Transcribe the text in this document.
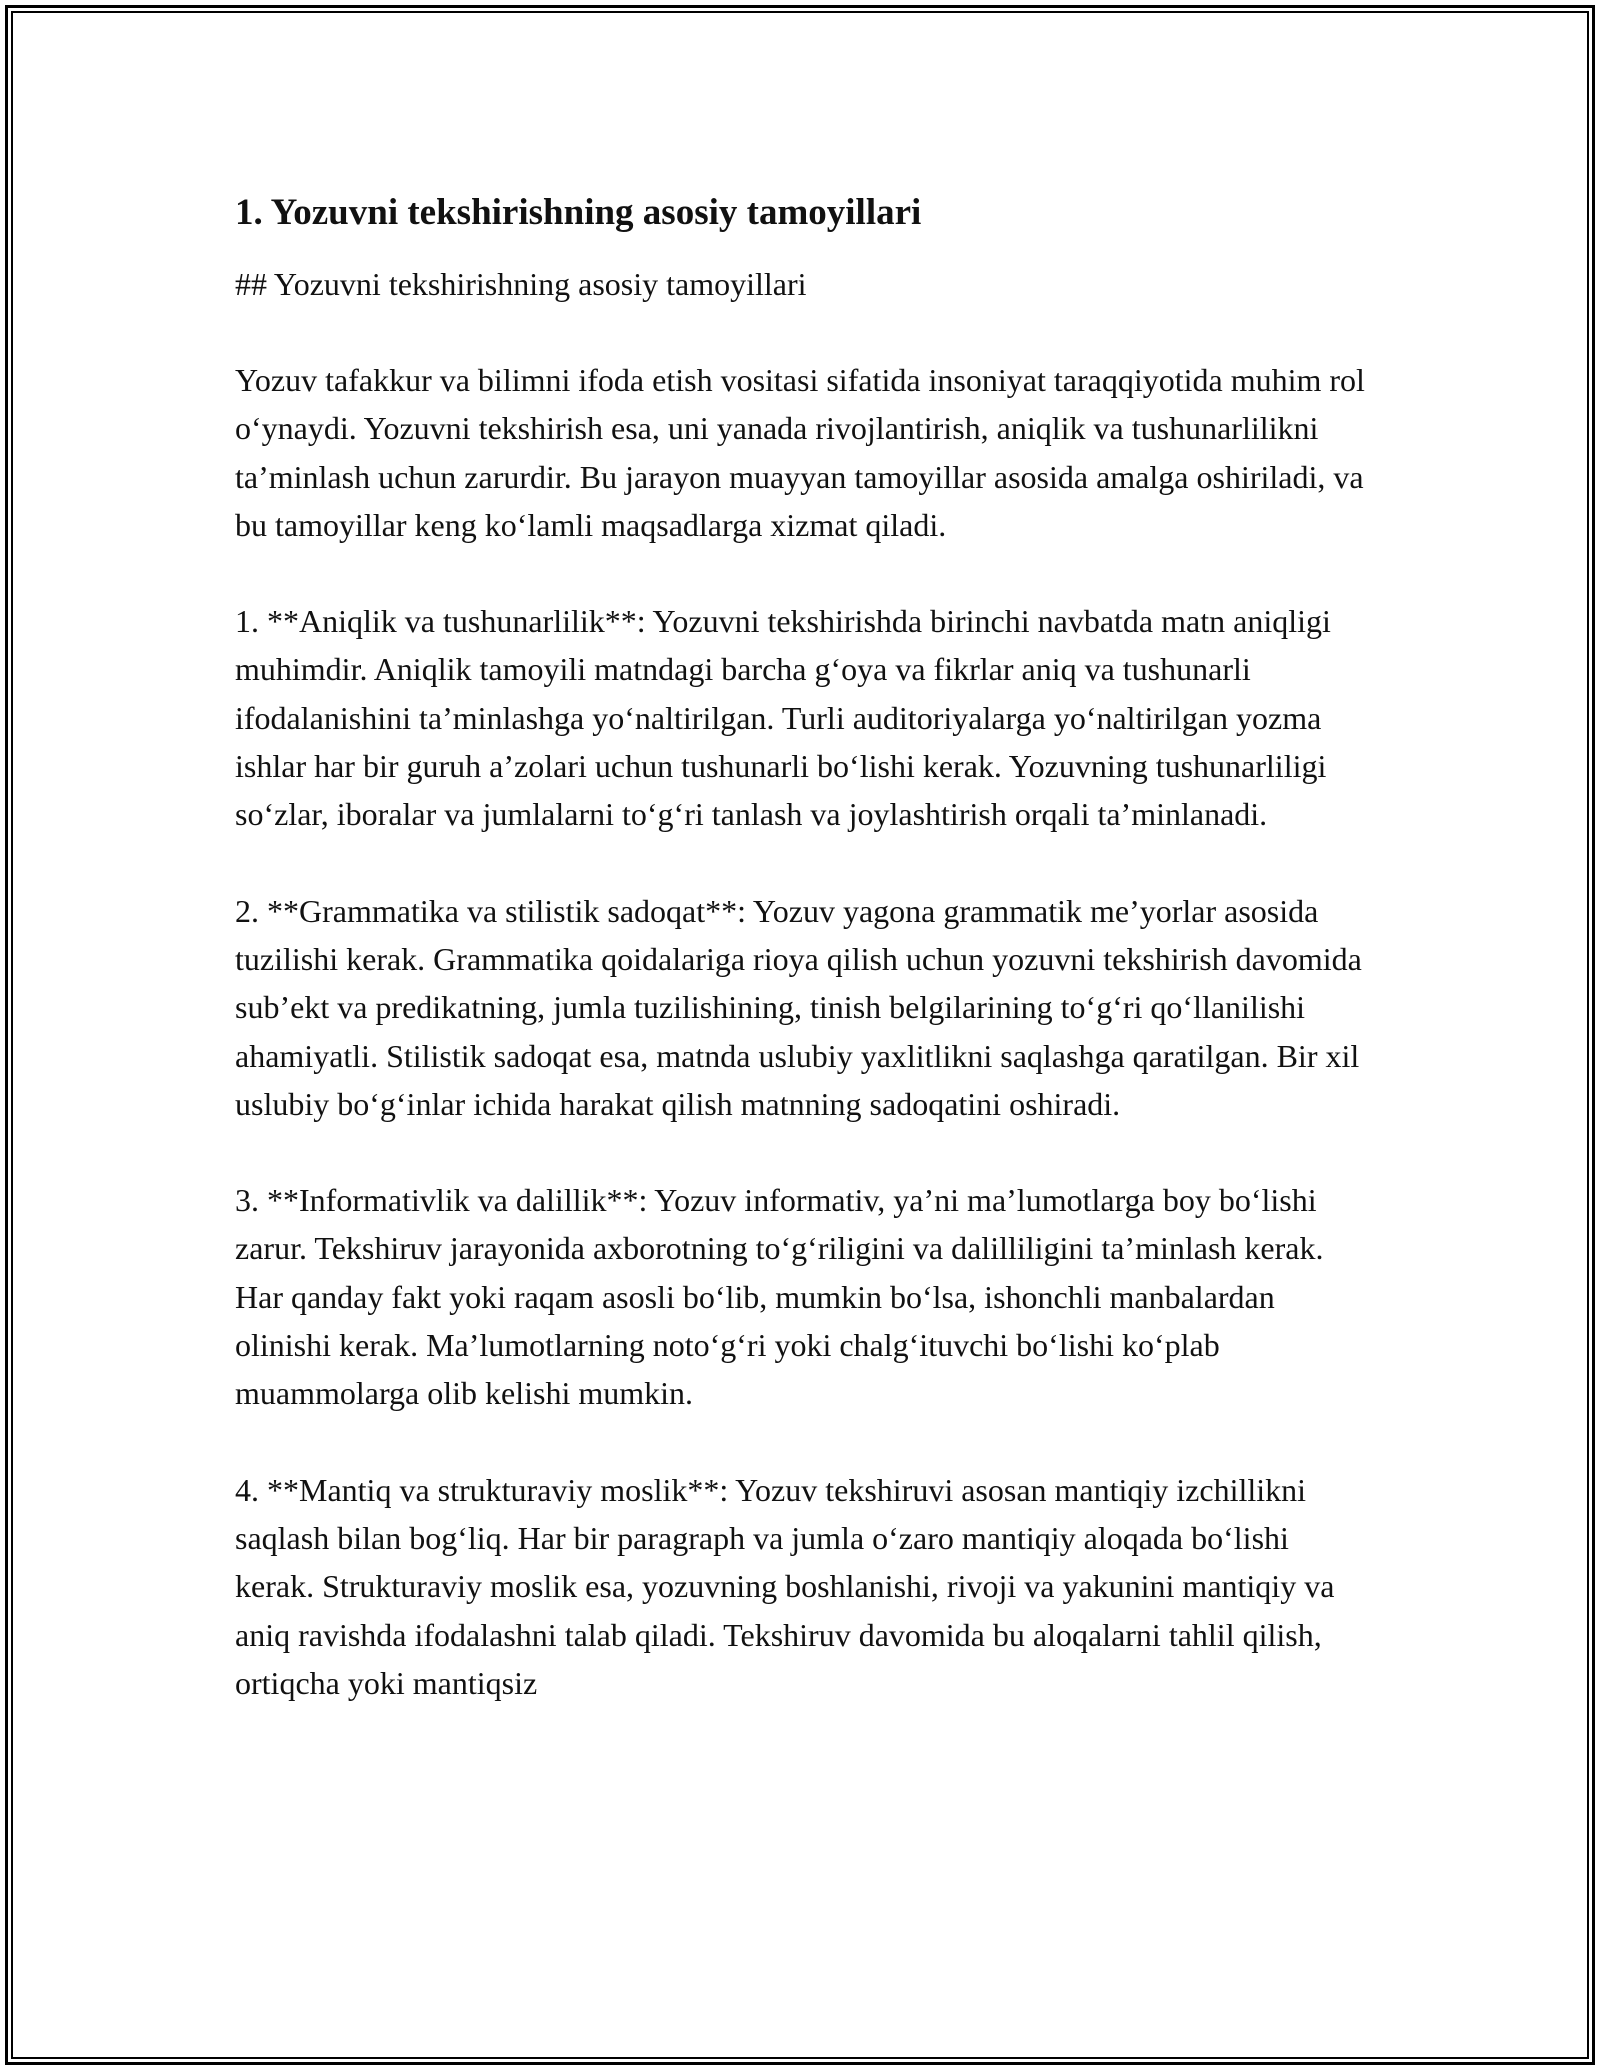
1. Yozuvni tekshirishning asosiy tamoyillari

## Yozuvni tekshirishning asosiy tamoyillari

Yozuv tafakkur va bilimni ifoda etish vositasi sifatida insoniyat taraqqiyotida muhim rol o‘ynaydi. Yozuvni tekshirish esa, uni yanada rivojlantirish, aniqlik va tushunarlilikni ta’minlash uchun zarurdir. Bu jarayon muayyan tamoyillar asosida amalga oshiriladi, va bu tamoyillar keng ko‘lamli maqsadlarga xizmat qiladi.

1. **Aniqlik va tushunarlilik**: Yozuvni tekshirishda birinchi navbatda matn aniqligi muhimdir. Aniqlik tamoyili matndagi barcha g‘oya va fikrlar aniq va tushunarli ifodalanishini ta’minlashga yo‘naltirilgan. Turli auditoriyalarga yo‘naltirilgan yozma ishlar har bir guruh a’zolari uchun tushunarli bo‘lishi kerak. Yozuvning tushunarliligi so‘zlar, iboralar va jumlalarni to‘g‘ri tanlash va joylashtirish orqali ta’minlanadi.

2. **Grammatika va stilistik sadoqat**: Yozuv yagona grammatik me’yorlar asosida tuzilishi kerak. Grammatika qoidalariga rioya qilish uchun yozuvni tekshirish davomida sub’ekt va predikatning, jumla tuzilishining, tinish belgilarining to‘g‘ri qo‘llanilishi ahamiyatli. Stilistik sadoqat esa, matnda uslubiy yaxlitlikni saqlashga qaratilgan. Bir xil uslubiy bo‘g‘inlar ichida harakat qilish matnning sadoqatini oshiradi.

3. **Informativlik va dalillik**: Yozuv informativ, ya’ni ma’lumotlarga boy bo‘lishi zarur. Tekshiruv jarayonida axborotning to‘g‘riligini va dalilliligini ta’minlash kerak. Har qanday fakt yoki raqam asosli bo‘lib, mumkin bo‘lsa, ishonchli manbalardan olinishi kerak. Ma’lumotlarning noto‘g‘ri yoki chalg‘ituvchi bo‘lishi ko‘plab muammolarga olib kelishi mumkin.

4. **Mantiq va strukturaviy moslik**: Yozuv tekshiruvi asosan mantiqiy izchillikni saqlash bilan bog‘liq. Har bir paragraph va jumla o‘zaro mantiqiy aloqada bo‘lishi kerak. Strukturaviy moslik esa, yozuvning boshlanishi, rivoji va yakunini mantiqiy va aniq ravishda ifodalashni talab qiladi. Tekshiruv davomida bu aloqalarni tahlil qilish, ortiqcha yoki mantiqsiz
